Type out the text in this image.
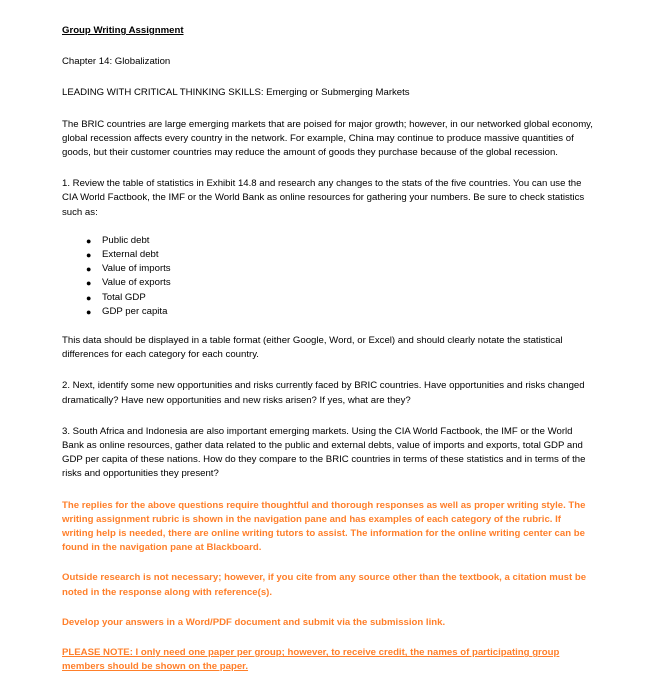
Group Writing Assignment

Chapter 14: Globalization

LEADING WITH CRITICAL THINKING SKILLS: Emerging or Submerging Markets

The BRIC countries are large emerging markets that are poised for major growth; however, in our networked global economy, global recession affects every country in the network. For example, China may continue to produce massive quantities of goods, but their customer countries may reduce the amount of goods they purchase because of the global recession.

1. Review the table of statistics in Exhibit 14.8 and research any changes to the stats of the five countries. You can use the CIA World Factbook, the IMF or the World Bank as online resources for gathering your numbers. Be sure to check statistics such as:

● Public debt
● External debt
● Value of imports
● Value of exports
● Total GDP
● GDP per capita

This data should be displayed in a table format (either Google, Word, or Excel) and should clearly notate the statistical differences for each category for each country.

2. Next, identify some new opportunities and risks currently faced by BRIC countries. Have opportunities and risks changed dramatically? Have new opportunities and new risks arisen? If yes, what are they?

3. South Africa and Indonesia are also important emerging markets. Using the CIA World Factbook, the IMF or the World Bank as online resources, gather data related to the public and external debts, value of imports and exports, total GDP and GDP per capita of these nations. How do they compare to the BRIC countries in terms of these statistics and in terms of the risks and opportunities they present?

The replies for the above questions require thoughtful and thorough responses as well as proper writing style. The writing assignment rubric is shown in the navigation pane and has examples of each category of the rubric. If writing help is needed, there are online writing tutors to assist. The information for the online writing center can be found in the navigation pane at Blackboard.

Outside research is not necessary; however, if you cite from any source other than the textbook, a citation must be noted in the response along with reference(s).

Develop your answers in a Word/PDF document and submit via the submission link.

PLEASE NOTE: I only need one paper per group; however, to receive credit, the names of participating group members should be shown on the paper.
